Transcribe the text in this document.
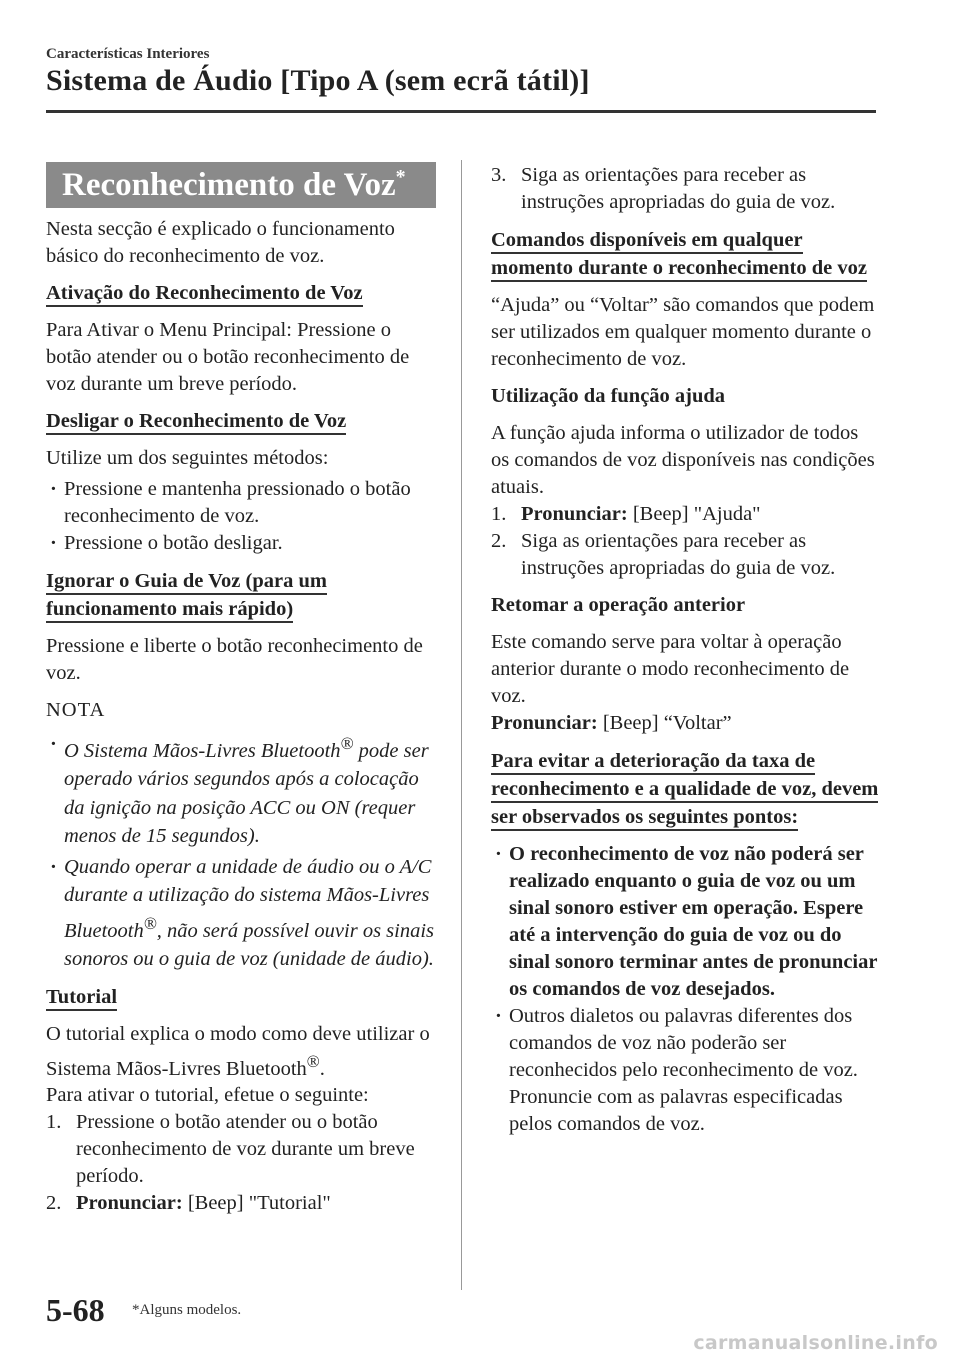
Características Interiores
Sistema de Áudio [Tipo A (sem ecrã tátil)]
Reconhecimento de Voz*

Nesta secção é explicado o funcionamento básico do reconhecimento de voz.

Ativação do Reconhecimento de Voz

Para Ativar o Menu Principal: Pressione o botão atender ou o botão reconhecimento de voz durante um breve período.

Desligar o Reconhecimento de Voz

Utilize um dos seguintes métodos:

· Pressione e mantenha pressionado o botão reconhecimento de voz.
· Pressione o botão desligar.
Ignorar o Guia de Voz (para um funcionamento mais rápido)

Pressione e liberte o botão reconhecimento de voz.

NOTA

· O Sistema Mãos-Livres Bluetooth® pode ser operado vários segundos após a colocação da ignição na posição ACC ou ON (requer menos de 15 segundos).
· Quando operar a unidade de áudio ou o A/C durante a utilização do sistema Mãos-Livres Bluetooth®, não será possível ouvir os sinais sonoros ou o guia de voz (unidade de áudio).
Tutorial

O tutorial explica o modo como deve utilizar o Sistema Mãos-Livres Bluetooth®.

Para ativar o tutorial, efetue o seguinte:

1. Pressione o botão atender ou o botão reconhecimento de voz durante um breve período.
2. Pronunciar: [Beep] "Tutorial"
3. Siga as orientações para receber as instruções apropriadas do guia de voz.
Comandos disponíveis em qualquer momento durante o reconhecimento de voz

“Ajuda” ou “Voltar” são comandos que podem ser utilizados em qualquer momento durante o reconhecimento de voz.

Utilização da função ajuda

A função ajuda informa o utilizador de todos os comandos de voz disponíveis nas condições atuais.

1. Pronunciar: [Beep] "Ajuda"
2. Siga as orientações para receber as instruções apropriadas do guia de voz.

Retomar a operação anterior

Este comando serve para voltar à operação anterior durante o modo reconhecimento de voz.

Pronunciar: [Beep] “Voltar”

Para evitar a deterioração da taxa de reconhecimento e a qualidade de voz, devem ser observados os seguintes pontos:
· O reconhecimento de voz não poderá ser realizado enquanto o guia de voz ou um sinal sonoro estiver em operação. Espere até a intervenção do guia de voz ou do sinal sonoro terminar antes de pronunciar os comandos de voz desejados.
· Outros dialetos ou palavras diferentes dos comandos de voz não poderão ser reconhecidos pelo reconhecimento de voz. Pronuncie com as palavras especificadas pelos comandos de voz.
5-68 *Alguns modelos.
carmanualsonline.info
